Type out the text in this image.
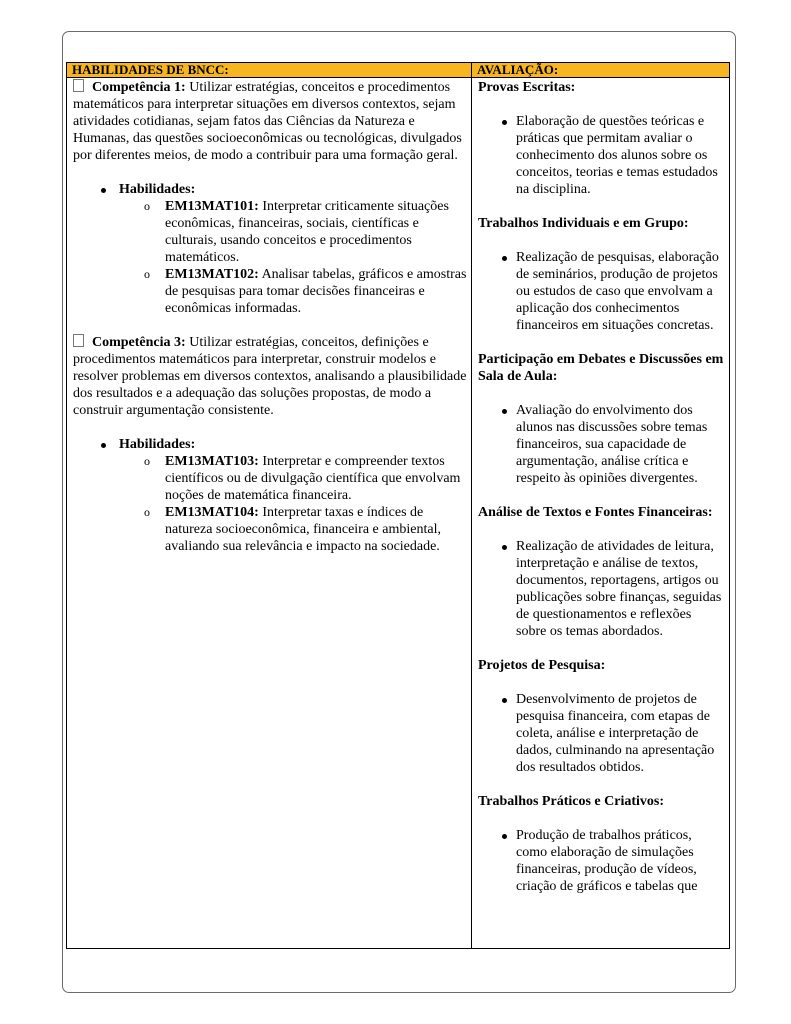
HABILIDADES DE BNCC:	AVALIAÇÃO:

Competência 1: Utilizar estratégias, conceitos e procedimentos matemáticos para interpretar situações em diversos contextos, sejam atividades cotidianas, sejam fatos das Ciências da Natureza e Humanas, das questões socioeconômicas ou tecnológicas, divulgados por diferentes meios, de modo a contribuir para uma formação geral.

Habilidades:

o EM13MAT101: Interpretar criticamente situações econômicas, financeiras, sociais, científicas e culturais, usando conceitos e procedimentos matemáticos.
o EM13MAT102: Analisar tabelas, gráficos e amostras de pesquisas para tomar decisões financeiras e econômicas informadas.

Competência 3: Utilizar estratégias, conceitos, definições e procedimentos matemáticos para interpretar, construir modelos e resolver problemas em diversos contextos, analisando a plausibilidade dos resultados e a adequação das soluções propostas, de modo a construir argumentação consistente.

Habilidades:

o EM13MAT103: Interpretar e compreender textos científicos ou de divulgação científica que envolvam noções de matemática financeira.
o EM13MAT104: Interpretar taxas e índices de natureza socioeconômica, financeira e ambiental, avaliando sua relevância e impacto na sociedade.

Provas Escritas:

Elaboração de questões teóricas e práticas que permitam avaliar o conhecimento dos alunos sobre os conceitos, teorias e temas estudados na disciplina.

Trabalhos Individuais e em Grupo:

Realização de pesquisas, elaboração de seminários, produção de projetos ou estudos de caso que envolvam a aplicação dos conhecimentos financeiros em situações concretas.

Participação em Debates e Discussões em Sala de Aula:

Avaliação do envolvimento dos alunos nas discussões sobre temas financeiros, sua capacidade de argumentação, análise crítica e respeito às opiniões divergentes.

Análise de Textos e Fontes Financeiras:

Realização de atividades de leitura, interpretação e análise de textos, documentos, reportagens, artigos ou publicações sobre finanças, seguidas de questionamentos e reflexões sobre os temas abordados.

Projetos de Pesquisa:

Desenvolvimento de projetos de pesquisa financeira, com etapas de coleta, análise e interpretação de dados, culminando na apresentação dos resultados obtidos.

Trabalhos Práticos e Criativos:

Produção de trabalhos práticos, como elaboração de simulações financeiras, produção de vídeos, criação de gráficos e tabelas que
